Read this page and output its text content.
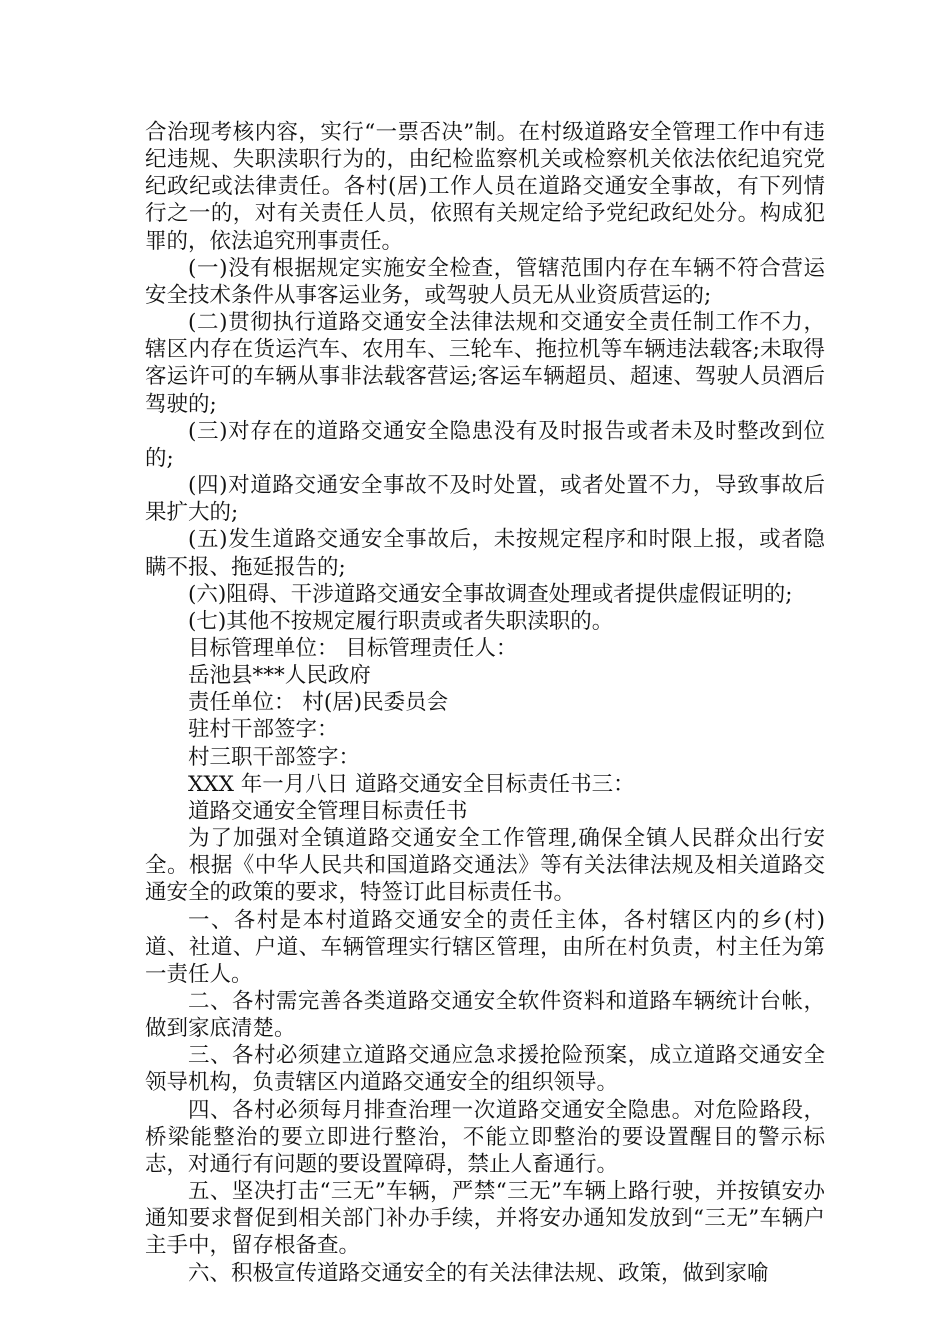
合治现考核内容，实行“一票否决”制。在村级道路安全管理工作中有违纪违规、失职渎职行为的，由纪检监察机关或检察机关依法依纪追究党纪政纪或法律责任。各村(居)工作人员在道路交通安全事故，有下列情行之一的，对有关责任人员，依照有关规定给予党纪政纪处分。构成犯罪的，依法追究刑事责任。

(一)没有根据规定实施安全检查，管辖范围内存在车辆不符合营运安全技术条件从事客运业务，或驾驶人员无从业资质营运的;

(二)贯彻执行道路交通安全法律法规和交通安全责任制工作不力，辖区内存在货运汽车、农用车、三轮车、拖拉机等车辆违法载客;未取得客运许可的车辆从事非法载客营运;客运车辆超员、超速、驾驶人员酒后驾驶的;

(三)对存在的道路交通安全隐患没有及时报告或者未及时整改到位的;

(四)对道路交通安全事故不及时处置，或者处置不力，导致事故后果扩大的;

(五)发生道路交通安全事故后，未按规定程序和时限上报，或者隐瞒不报、拖延报告的;

(六)阻碍、干涉道路交通安全事故调查处理或者提供虚假证明的;

(七)其他不按规定履行职责或者失职渎职的。

目标管理单位： 目标管理责任人：
岳池县***人民政府
责任单位： 村(居)民委员会
驻村干部签字：
村三职干部签字：
XXX 年一月八日 道路交通安全目标责任书三：
道路交通安全管理目标责任书

为了加强对全镇道路交通安全工作管理,确保全镇人民群众出行安全。根据《中华人民共和国道路交通法》等有关法律法规及相关道路交通安全的政策的要求，特签订此目标责任书。

一、各村是本村道路交通安全的责任主体，各村辖区内的乡(村)道、社道、户道、车辆管理实行辖区管理，由所在村负责，村主任为第一责任人。

二、各村需完善各类道路交通安全软件资料和道路车辆统计台帐，做到家底清楚。

三、各村必须建立道路交通应急求援抢险预案，成立道路交通安全领导机构，负责辖区内道路交通安全的组织领导。

四、各村必须每月排查治理一次道路交通安全隐患。对危险路段，桥梁能整治的要立即进行整治，不能立即整治的要设置醒目的警示标志，对通行有问题的要设置障碍，禁止人畜通行。

五、坚决打击“三无”车辆，严禁“三无”车辆上路行驶，并按镇安办通知要求督促到相关部门补办手续，并将安办通知发放到“三无”车辆户主手中，留存根备查。

六、积极宣传道路交通安全的有关法律法规、政策，做到家喻
